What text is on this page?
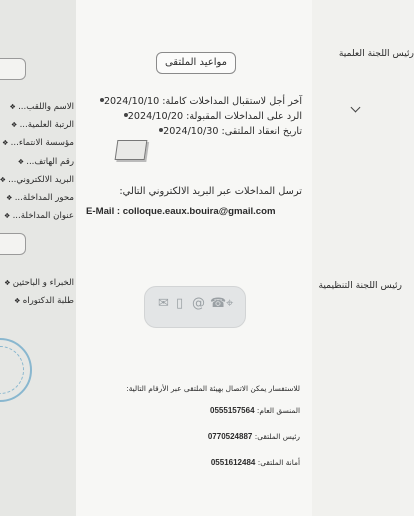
الاسم واللقب... ❖
الرتبة العلمية... ❖
مؤسسة الانتماء... ❖
رقم الهاتف... ❖
البريد الالكتروني... ❖
محور المداخلة... ❖
عنوان المداخلة... ❖
الخبراء و الباحثين ❖
طلبة الدكتوراه ❖
مواعيد الملتقى
آخر أجل لاستقبال المداخلات كاملة: 2024/10/10
الرد على المداخلات المقبولة: 2024/10/20
تاريخ انعقاد الملتقى: 2024/10/30
ترسل المداخلات عبر البريد الالكتروني التالي:
E-Mail : colloque.eaux.bouira@gmail.com
✉ ▯ @ ☎ ⌖
للاستفسار يمكن الاتصال بهيئة الملتقى عبر الأرقام التالية:
المنسق العام: 0555157564
رئيس الملتقى: 0770524887
أمانة الملتقى: 0551612484
رئيس اللجنة العلمية
رئيس اللجنة التنظيمية
